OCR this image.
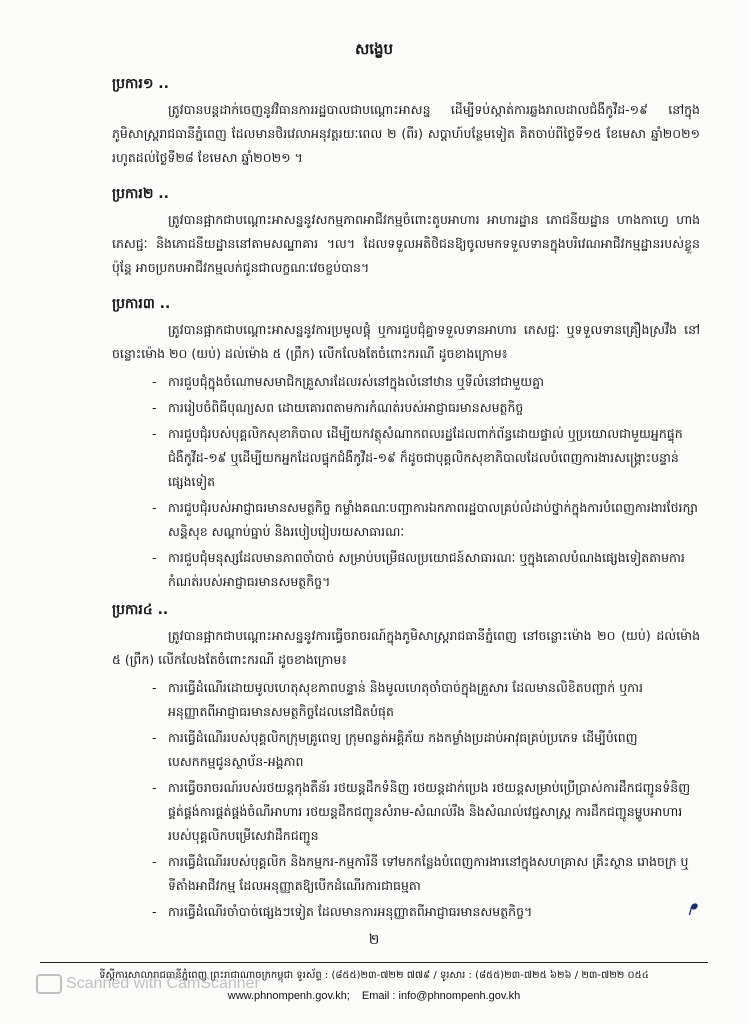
សង្ខេប
ប្រការ១ ..
ត្រូវបានបន្តដាក់ចេញនូវវិធានការរដ្ឋបាលជាបណ្ដោះអាសន្ន ដើម្បីទប់ស្កាត់ការឆ្លងរាលដាលជំងឺកូវីដ-១៩ នៅក្នុងភូមិសាស្ត្ររាជធានីភ្នំពេញ ដែលមានថិរវេលាអនុវត្តរយៈពេល ២ (ពីរ) សប្តាហ៍បន្ថែមទៀត គិតចាប់ពីថ្ងៃទី១៥ ខែមេសា ឆ្នាំ២០២១ រហូតដល់ថ្ងៃទី២៨ ខែមេសា ឆ្នាំ២០២១ ។
ប្រការ២ ..
ត្រូវបានផ្អាកជាបណ្ដោះអាសន្ននូវសកម្មភាពអាជីវកម្មចំពោះតូបអាហារ អាហារដ្ឋាន ភោជនីយដ្ឋាន ហាងកាហ្វេ ហាងភេសជ្ជៈ និងភោជនីយដ្ឋាននៅតាមសណ្ឋាគារ ។ល។ ដែលទទួលអតិថិជនឱ្យចូលមកទទួលទានក្នុងបរិវេណអាជីវកម្មដ្ឋានរបស់ខ្លួន ប៉ុន្តែ អាចប្រកបអាជីវកម្មលក់ជូនជាលក្ខណៈវេចខ្ចប់បាន។
ប្រការ៣ ..
ត្រូវបានផ្អាកជាបណ្ដោះអាសន្ននូវការប្រមូលផ្តុំ ឬការជួបជុំគ្នាទទួលទានអាហារ ភេសជ្ជៈ ឬទទួលទានគ្រឿងស្រវឹង នៅចន្លោះម៉ោង ២០ (យប់) ដល់ម៉ោង ៥ (ព្រឹក) លើកលែងតែចំពោះករណី ដូចខាងក្រោម៖
- ការជួបជុំក្នុងចំណោមសមាជិកគ្រួសារដែលរស់នៅក្នុងលំនៅឋាន ឬទីលំនៅជាមួយគ្នា
- ការរៀបចំពិធីបុណ្យសព ដោយគោរពតាមការកំណត់របស់អាជ្ញាធរមានសមត្ថកិច្ច
- ការជួបជុំរបស់បុគ្គលិកសុខាភិបាល ដើម្បីយកវត្ថុសំណាកពលរដ្ឋដែលពាក់ព័ន្ធដោយផ្ទាល់ ឬប្រយោលជាមួយអ្នកផ្ទុកជំងឺកូវីដ-១៩ ឬដើម្បីយកអ្នកដែលផ្ទុកជំងឺកូវីដ-១៩ ក៏ដូចជាបុគ្គលិកសុខាភិបាលដែលបំពេញការងារសង្គ្រោះបន្ទាន់ផ្សេងទៀត
- ការជួបជុំរបស់អាជ្ញាធរមានសមត្ថកិច្ច កម្លាំងគណៈបញ្ជាការឯកភាពរដ្ឋបាលគ្រប់លំដាប់ថ្នាក់ក្នុងការបំពេញការងារថែរក្សាសន្តិសុខ សណ្តាប់ធ្នាប់ និងរបៀបរៀបរយសាធារណៈ
- ការជួបជុំមនុស្សដែលមានភាពចាំបាច់ សម្រាប់បម្រើផលប្រយោជន៍សាធារណៈ ឬក្នុងគោលបំណងផ្សេងទៀតតាមការកំណត់របស់អាជ្ញាធរមានសមត្ថកិច្ច។
ប្រការ៤ ..
ត្រូវបានផ្អាកជាបណ្ដោះអាសន្ននូវការធ្វើចរាចរណ៍ក្នុងភូមិសាស្ត្ររាជធានីភ្នំពេញ នៅចន្លោះម៉ោង ២០ (យប់) ដល់ម៉ោង ៥ (ព្រឹក) លើកលែងតែចំពោះករណី ដូចខាងក្រោម៖
- ការធ្វើដំណើរដោយមូលហេតុសុខភាពបន្ទាន់ និងមូលហេតុចាំបាច់ក្នុងគ្រួសារ ដែលមានលិខិតបញ្ជាក់ ឬការអនុញ្ញាតពីអាជ្ញាធរមានសមត្ថកិច្ចដែលនៅជិតបំផុត
- ការធ្វើដំណើររបស់បុគ្គលិកក្រុមគ្រូពេទ្យ ក្រុមពន្លត់អគ្គិភ័យ កងកម្លាំងប្រដាប់អាវុធគ្រប់ប្រភេទ ដើម្បីបំពេញបេសកកម្មជូនស្ថាប័ន-អង្គភាព
- ការធ្វើចរាចរណ៍របស់រថយន្តកុងតឺន័រ រថយន្តដឹកទំនិញ រថយន្តដាក់ប្រេង រថយន្តសម្រាប់ប្រើប្រាស់ការដឹកជញ្ជូនទំនិញ ផ្គត់ផ្គង់ការផ្គត់ផ្គង់ចំណីអាហារ រថយន្តដឹកជញ្ជូនសំរាម-សំណល់រឹង និងសំណល់វេជ្ជសាស្ត្រ ការដឹកជញ្ជូនម្ហូបអាហារ របស់បុគ្គលិកបម្រើសេវាដឹកជញ្ជូន
- ការធ្វើដំណើររបស់បុគ្គលិក និងកម្មករ-កម្មការិនី ទៅមកកន្លែងបំពេញការងារនៅក្នុងសហគ្រាស គ្រឹះស្ថាន រោងចក្រ ឬទីតាំងអាជីវកម្ម ដែលអនុញ្ញាតឱ្យបើកដំណើរការជាធម្មតា
- ការធ្វើដំណើរចាំបាច់ផ្សេងៗទៀត ដែលមានការអនុញ្ញាតពីអាជ្ញាធរមានសមត្ថកិច្ច។	ᖰ
២
ទីស្តីការសាលារាជធានីភ្នំពេញ ព្រះរាជាណាចក្រកម្ពុជា ទូរស័ព្ទ : (៨៥៥)២៣-៧២២ ៧៧៩ / ទូរសារ : (៨៥៥)២៣-៧២៥ ៦២៦ / ២៣-៧២២ ០៥៤
www.phnompenh.gov.kh; Email : info@phnompenh.gov.kh
Scanned with CamScanner
